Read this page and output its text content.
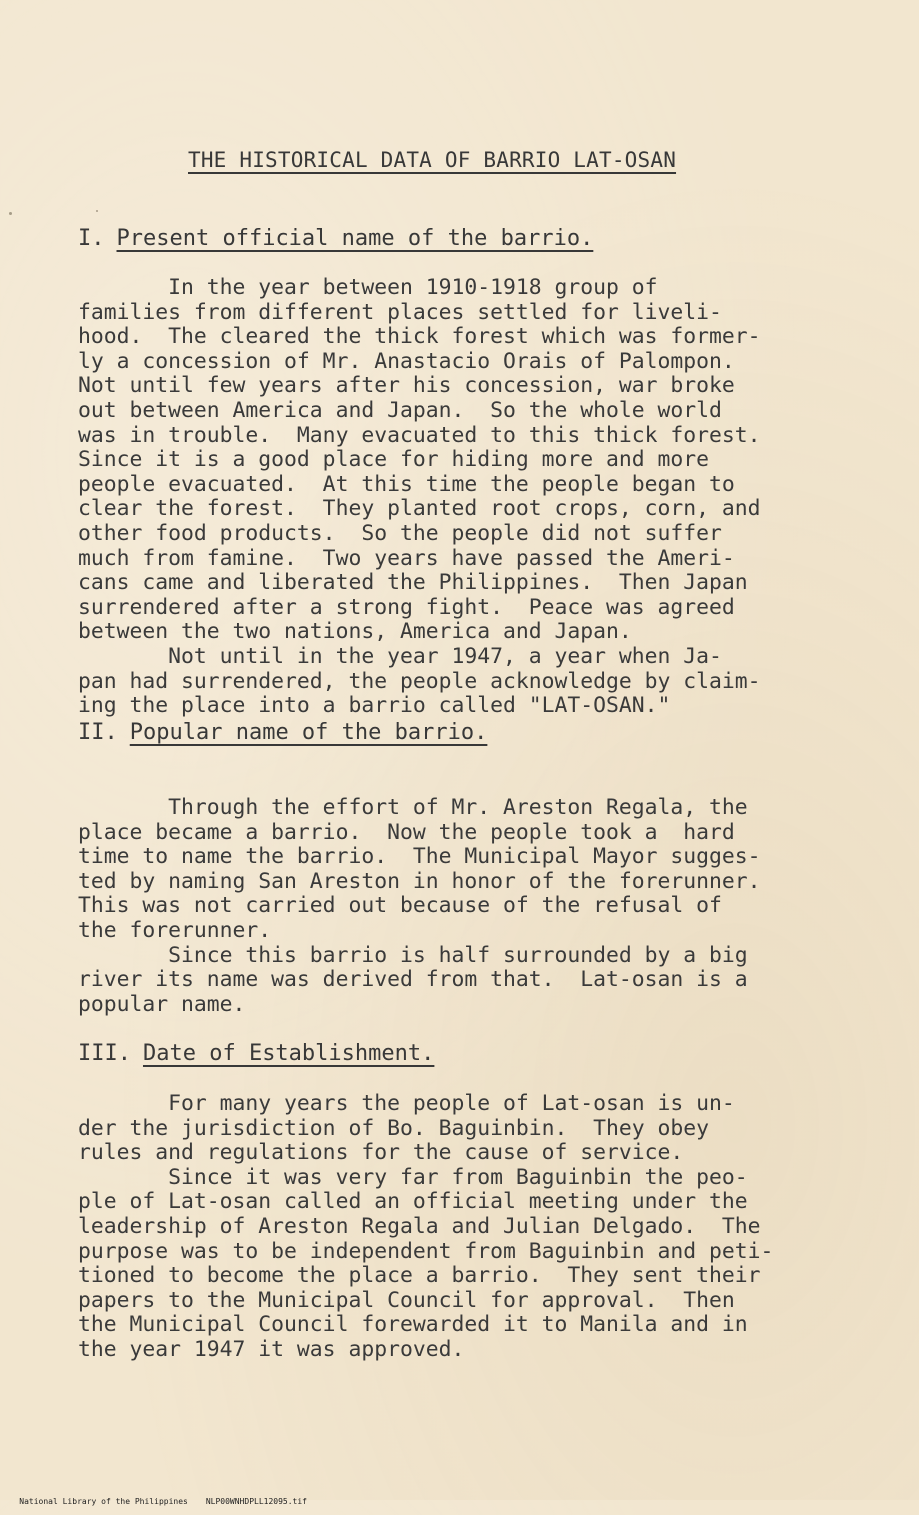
THE HISTORICAL DATA OF BARRIO LAT-OSAN
I. Present official name of the barrio.
In the year between 1910-1918 group of
families from different places settled for liveli-
hood.  The cleared the thick forest which was former-
ly a concession of Mr. Anastacio Orais of Palompon.
Not until few years after his concession, war broke
out between America and Japan.  So the whole world
was in trouble.  Many evacuated to this thick forest.
Since it is a good place for hiding more and more
people evacuated.  At this time the people began to
clear the forest.  They planted root crops, corn, and
other food products.  So the people did not suffer
much from famine.  Two years have passed the Ameri-
cans came and liberated the Philippines.  Then Japan
surrendered after a strong fight.  Peace was agreed
between the two nations, America and Japan.
Not until in the year 1947, a year when Ja-
pan had surrendered, the people acknowledge by claim-
ing the place into a barrio called "LAT-OSAN."
II. Popular name of the barrio.
Through the effort of Mr. Areston Regala, the
place became a barrio.  Now the people took a  hard
time to name the barrio.  The Municipal Mayor sugges-
ted by naming San Areston in honor of the forerunner.
This was not carried out because of the refusal of
the forerunner.
Since this barrio is half surrounded by a big
river its name was derived from that.  Lat-osan is a
popular name.
III. Date of Establishment.
For many years the people of Lat-osan is un-
der the jurisdiction of Bo. Baguinbin.  They obey
rules and regulations for the cause of service.
Since it was very far from Baguinbin the peo-
ple of Lat-osan called an official meeting under the
leadership of Areston Regala and Julian Delgado.  The
purpose was to be independent from Baguinbin and peti-
tioned to become the place a barrio.  They sent their
papers to the Municipal Council for approval.  Then
the Municipal Council forewarded it to Manila and in
the year 1947 it was approved.

National Library of the Philippines NLP00WNHDPLL12095.tif
